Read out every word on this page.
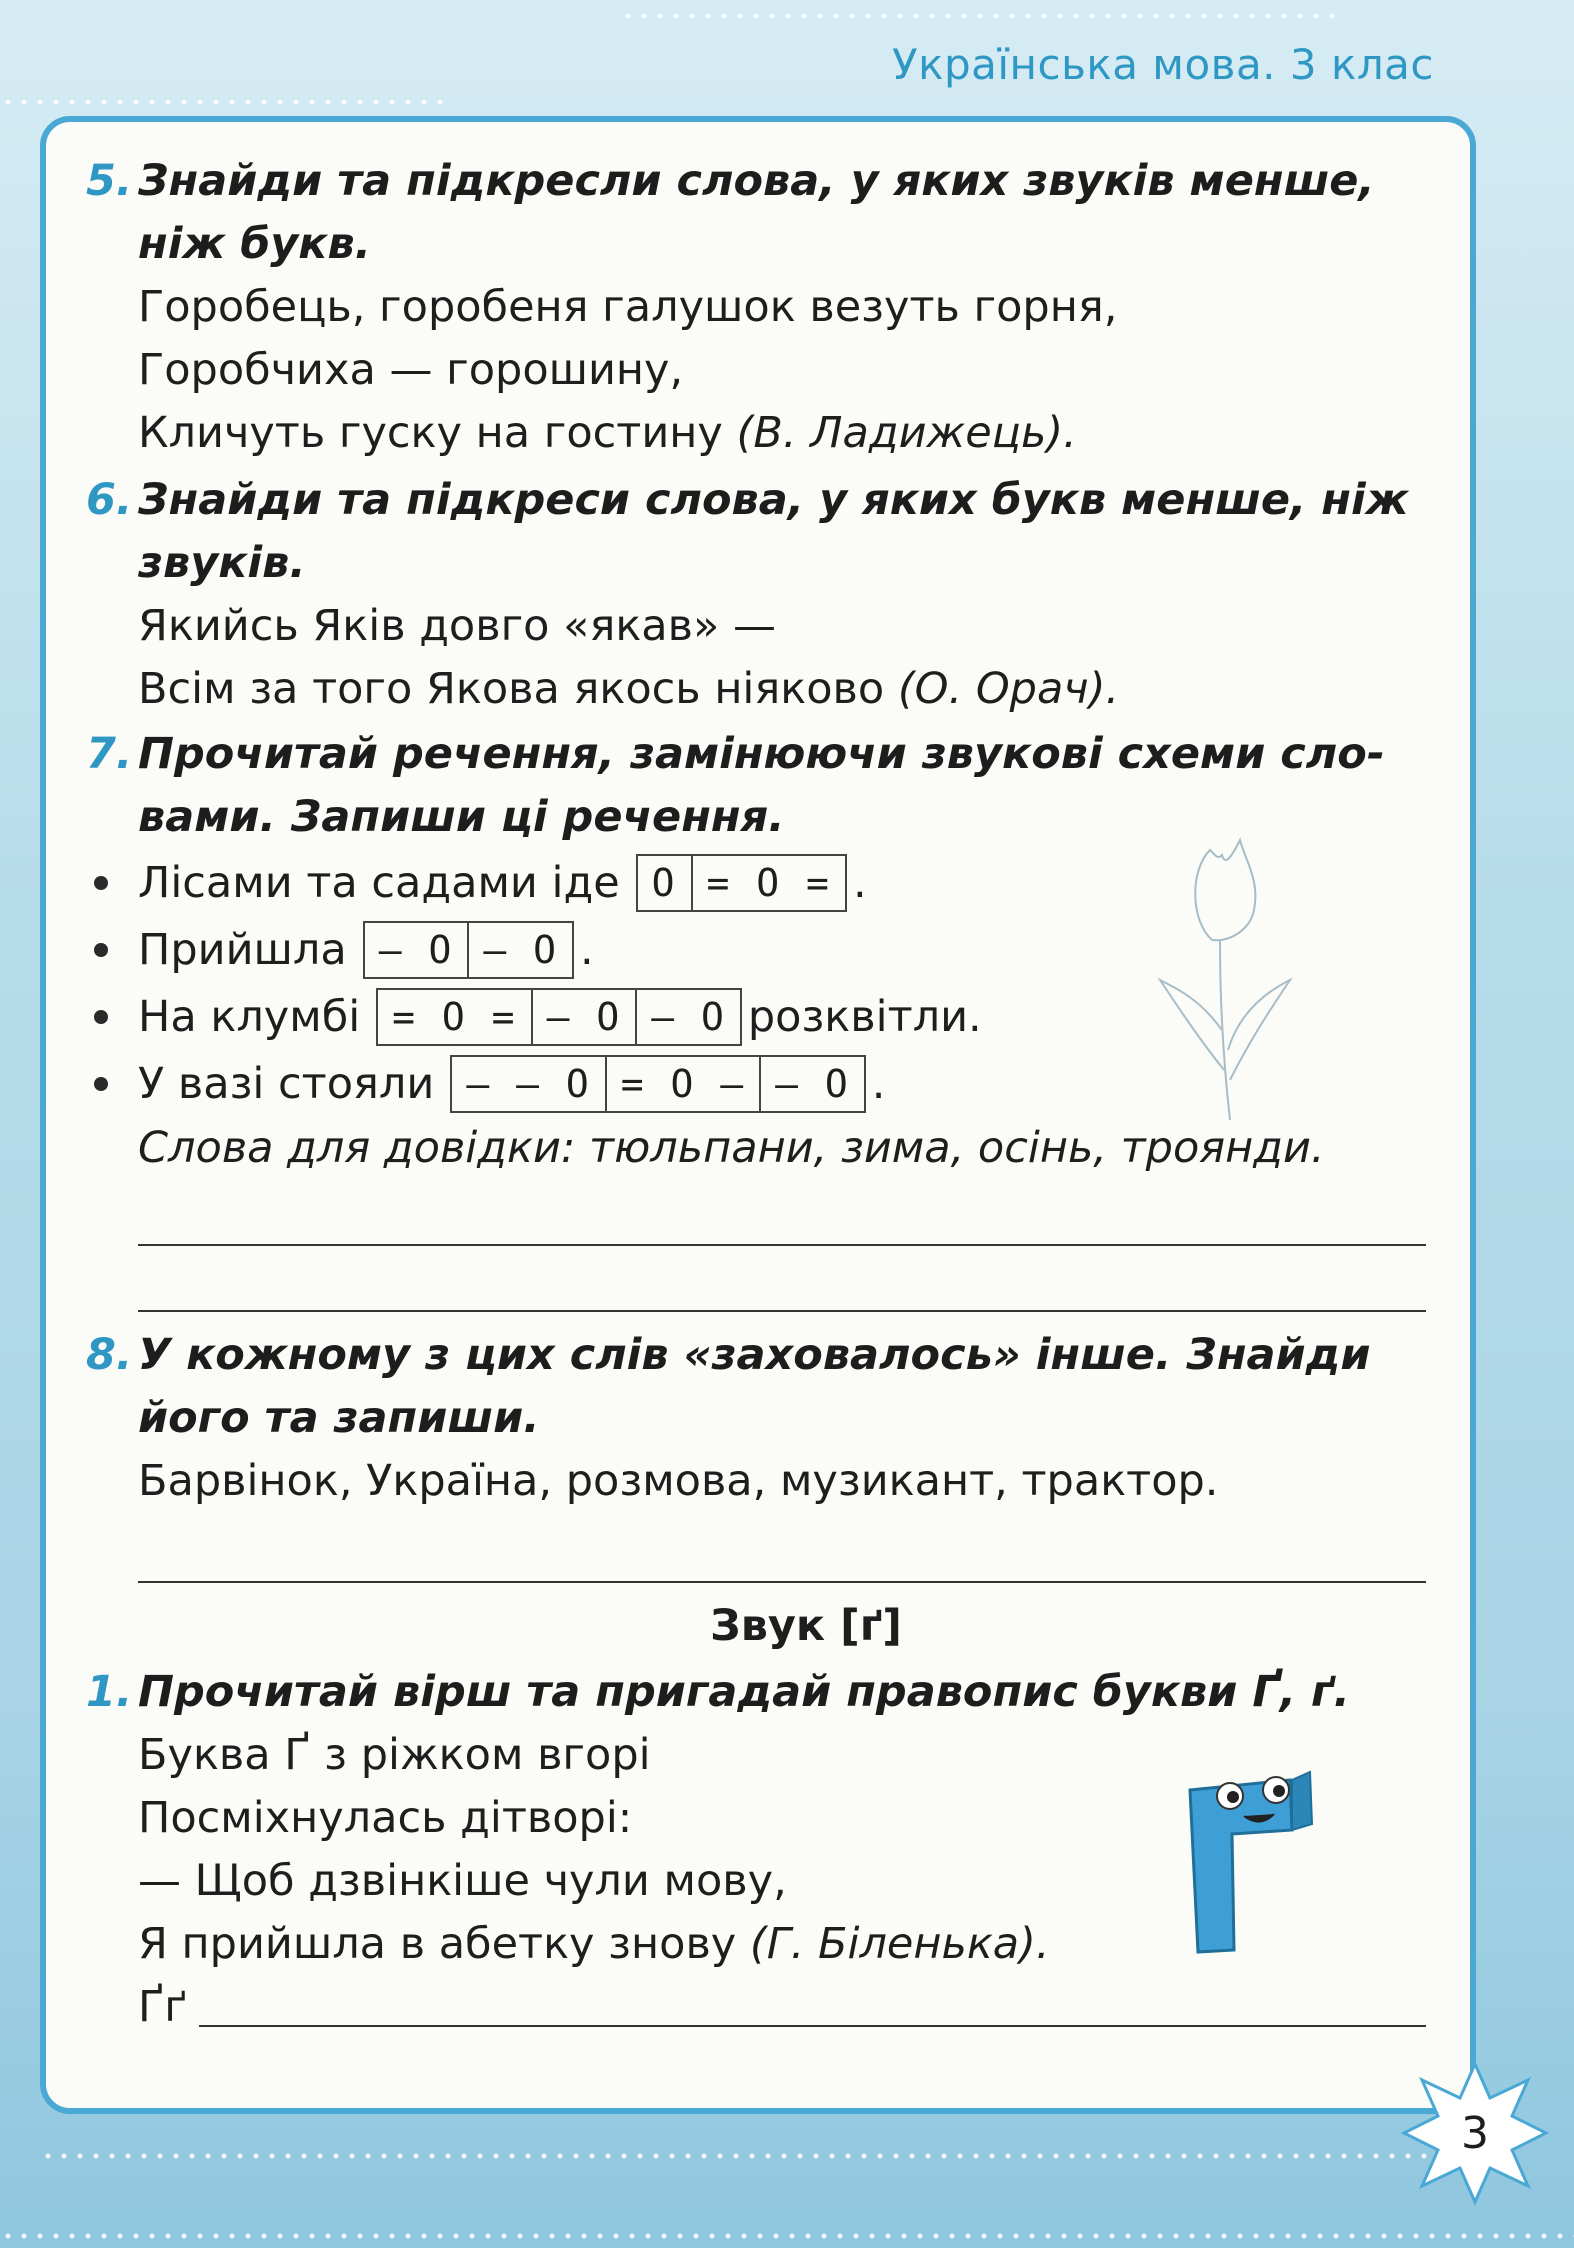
Українська мова. 3 клас
5. Знайди та підкресли слова, у яких звуків менше,
ніж букв.
Горобець, горобеня галушок везуть горня,
Горобчиха — горошину,
Кличуть гуску на гостину (В. Ладижець).
6. Знайди та підкреси слова, у яких букв менше, ніж
звуків.
Якийсь Яків довго «якав» —
Всім за того Якова якось ніяково (О. Орач).
7. Прочитай речення, замінюючи звукові схеми сло-
вами. Запиши ці речення.
Лісами та садами іде О = О = .
Прийшла – О – О .
На клумбі = О = – О – О розквітли.
У вазі стояли – – О = О – – О .
Слова для довідки: тюльпани, зима, осінь, троянди.
8. У кожному з цих слів «заховалось» інше. Знайди
його та запиши.
Барвінок, Україна, розмова, музикант, трактор.
Звук [ґ]
1. Прочитай вірш та пригадай правопис букви Ґ, ґ.
Буква Ґ з ріжком вгорі
Посміхнулась дітворі:
— Щоб дзвінкіше чули мову,
Я прийшла в абетку знову (Г. Біленька).
Ґґ
3
